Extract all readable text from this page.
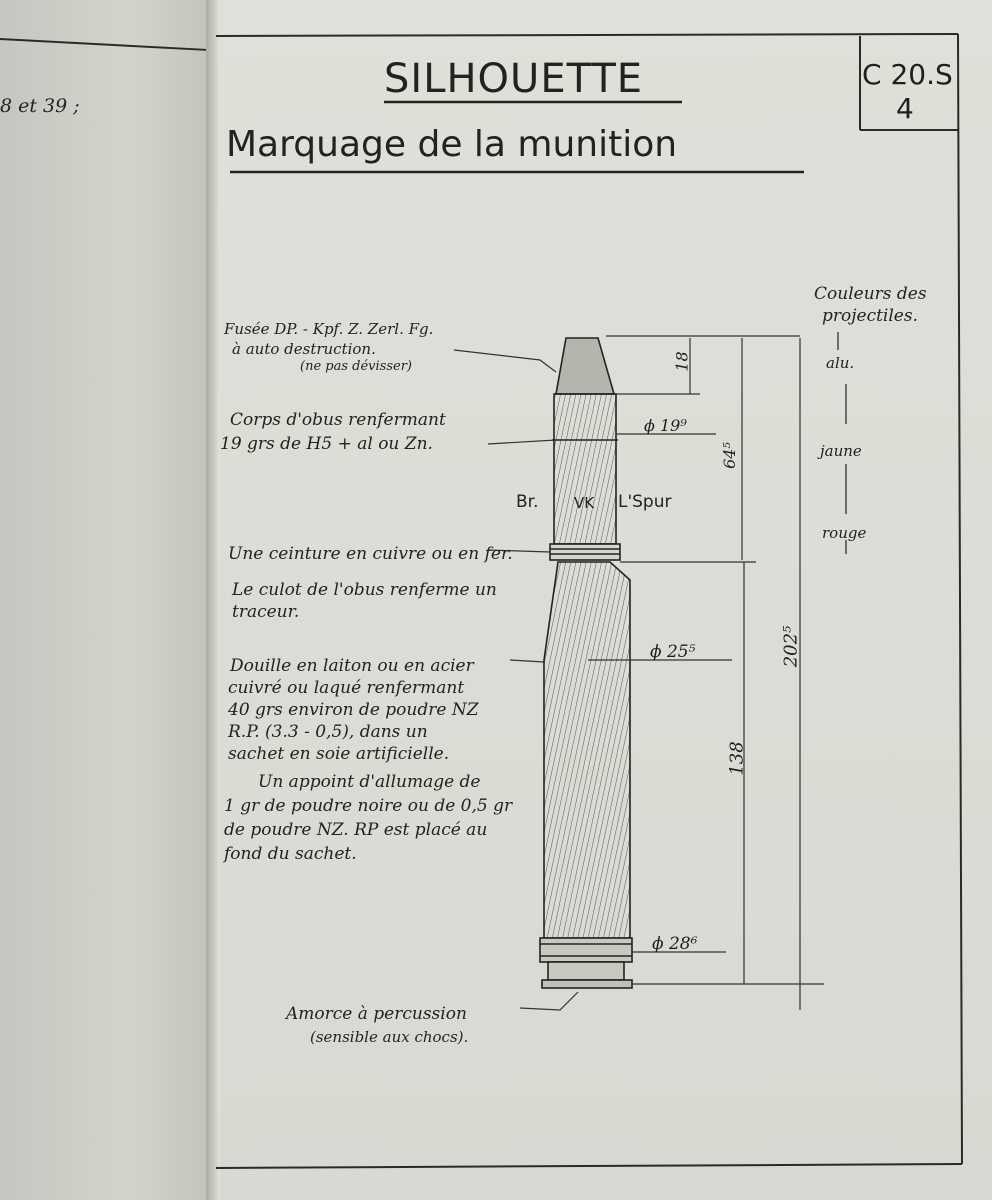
8 et 39 ;
SILHOUETTE
Marquage de la munition
C 20.S
4
Fusée DP. - Kpf. Z. Zerl. Fg.
à auto destruction.
(ne pas dévisser)
Corps d'obus renfermant
19 grs de H5 + al ou Zn.
Une ceinture en cuivre ou en fer.
Le culot de l'obus renferme un
traceur.
Douille en laiton ou en acier
cuivré ou laqué renfermant
40 grs environ de poudre NZ
R.P. (3.3 - 0,5), dans un
sachet en soie artificielle.
Un appoint d'allumage de
1 gr de poudre noire ou de 0,5 gr
de poudre NZ. RP est placé au
fond du sachet.
Amorce à percussion
(sensible aux chocs).
Br. VK L'Spur
18
ϕ 19⁹
64⁵
202⁵
ϕ 25⁵
138
ϕ 28⁶
Couleurs des
projectiles.
alu.
jaune
rouge
